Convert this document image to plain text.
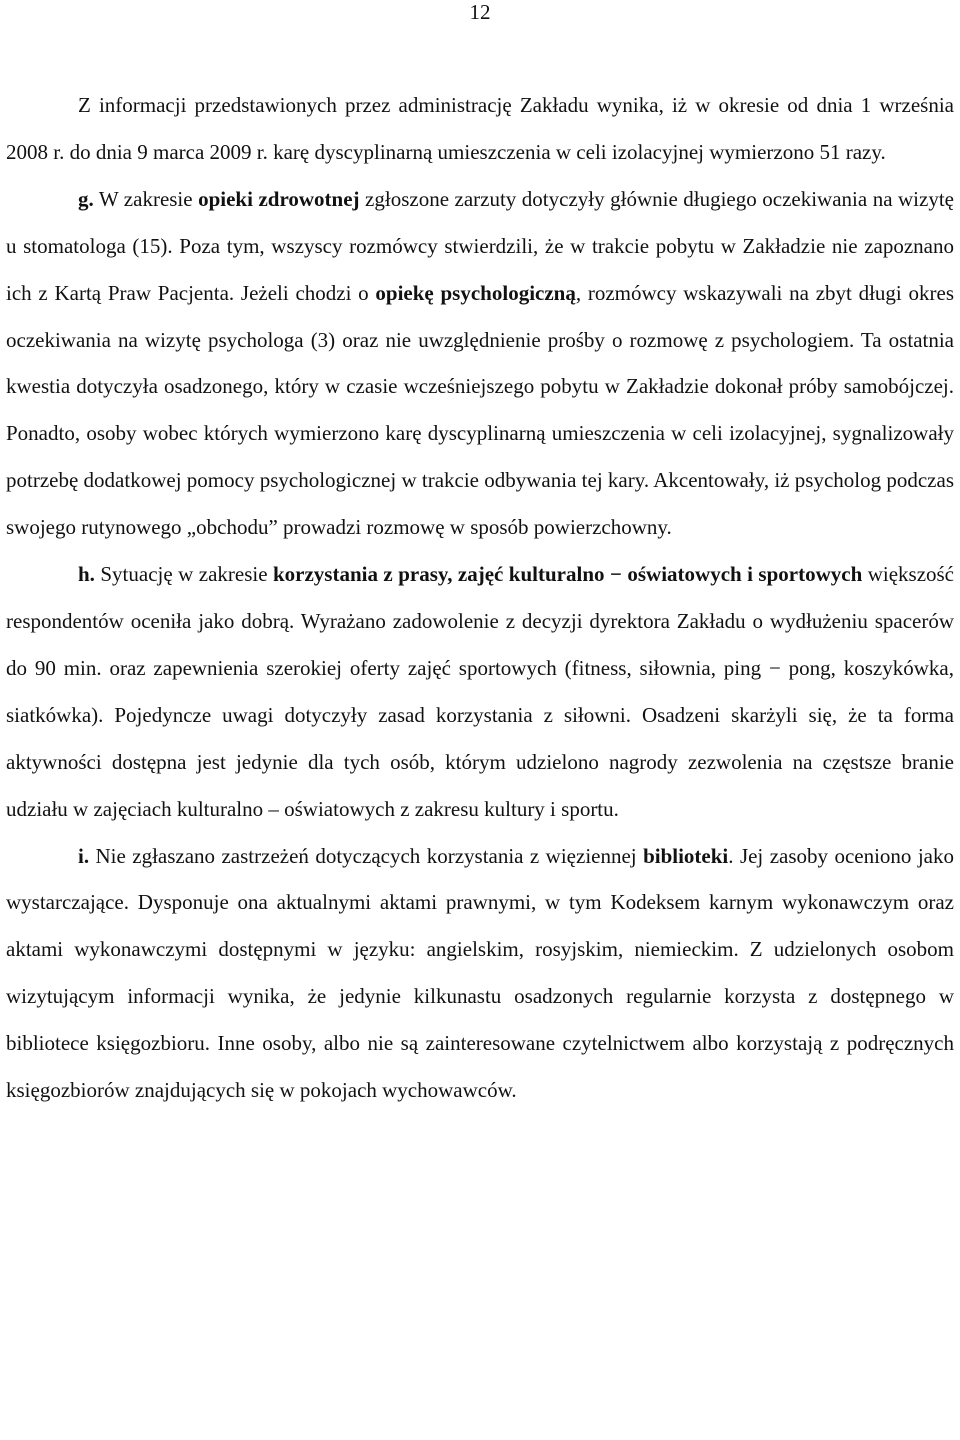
12

Z informacji przedstawionych przez administrację Zakładu wynika, iż w okresie od dnia 1 września 2008 r. do dnia 9 marca 2009 r. karę dyscyplinarną umieszczenia w celi izolacyjnej wymierzono 51 razy.

g. W zakresie opieki zdrowotnej zgłoszone zarzuty dotyczyły głównie długiego oczekiwania na wizytę u stomatologa (15). Poza tym, wszyscy rozmówcy stwierdzili, że w trakcie pobytu w Zakładzie nie zapoznano ich z Kartą Praw Pacjenta. Jeżeli chodzi o opiekę psychologiczną, rozmówcy wskazywali na zbyt długi okres oczekiwania na wizytę psychologa (3) oraz nie uwzględnienie prośby o rozmowę z psychologiem. Ta ostatnia kwestia dotyczyła osadzonego, który w czasie wcześniejszego pobytu w Zakładzie dokonał próby samobójczej. Ponadto, osoby wobec których wymierzono karę dyscyplinarną umieszczenia w celi izolacyjnej, sygnalizowały potrzebę dodatkowej pomocy psychologicznej w trakcie odbywania tej kary. Akcentowały, iż psycholog podczas swojego rutynowego „obchodu” prowadzi rozmowę w sposób powierzchowny.

h. Sytuację w zakresie korzystania z prasy, zajęć kulturalno − oświatowych i sportowych większość respondentów oceniła jako dobrą. Wyrażano zadowolenie z decyzji dyrektora Zakładu o wydłużeniu spacerów do 90 min. oraz zapewnienia szerokiej oferty zajęć sportowych (fitness, siłownia, ping − pong, koszykówka, siatkówka). Pojedyncze uwagi dotyczyły zasad korzystania z siłowni. Osadzeni skarżyli się, że ta forma aktywności dostępna jest jedynie dla tych osób, którym udzielono nagrody zezwolenia na częstsze branie udziału w zajęciach kulturalno – oświatowych z zakresu kultury i sportu.

i. Nie zgłaszano zastrzeżeń dotyczących korzystania z więziennej biblioteki. Jej zasoby oceniono jako wystarczające. Dysponuje ona aktualnymi aktami prawnymi, w tym Kodeksem karnym wykonawczym oraz aktami wykonawczymi dostępnymi w języku: angielskim, rosyjskim, niemieckim. Z udzielonych osobom wizytującym informacji wynika, że jedynie kilkunastu osadzonych regularnie korzysta z dostępnego w bibliotece księgozbioru. Inne osoby, albo nie są zainteresowane czytelnictwem albo korzystają z podręcznych księgozbiorów znajdujących się w pokojach wychowawców.
